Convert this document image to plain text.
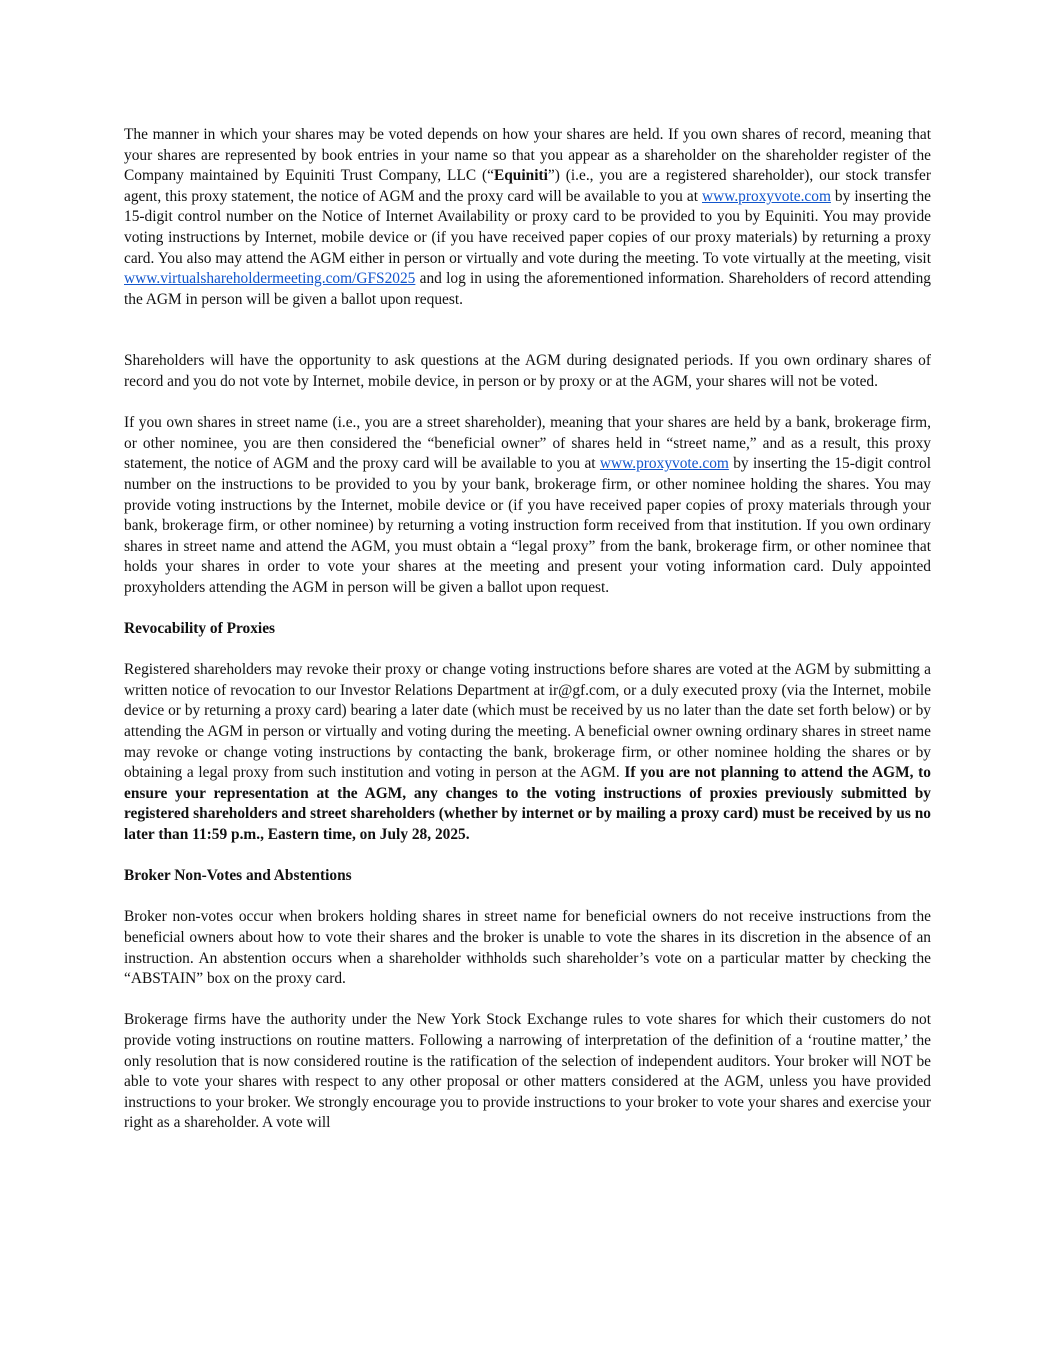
The manner in which your shares may be voted depends on how your shares are held. If you own shares of record, meaning that your shares are represented by book entries in your name so that you appear as a shareholder on the shareholder register of the Company maintained by Equiniti Trust Company, LLC (“Equiniti”) (i.e., you are a registered shareholder), our stock transfer agent, this proxy statement, the notice of AGM and the proxy card will be available to you at www.proxyvote.com by inserting the 15-digit control number on the Notice of Internet Availability or proxy card to be provided to you by Equiniti. You may provide voting instructions by Internet, mobile device or (if you have received paper copies of our proxy materials) by returning a proxy card. You also may attend the AGM either in person or virtually and vote during the meeting. To vote virtually at the meeting, visit www.virtualshareholdermeeting.com/GFS2025 and log in using the aforementioned information. Shareholders of record attending the AGM in person will be given a ballot upon request.

Shareholders will have the opportunity to ask questions at the AGM during designated periods. If you own ordinary shares of record and you do not vote by Internet, mobile device, in person or by proxy or at the AGM, your shares will not be voted.

If you own shares in street name (i.e., you are a street shareholder), meaning that your shares are held by a bank, brokerage firm, or other nominee, you are then considered the “beneficial owner” of shares held in “street name,” and as a result, this proxy statement, the notice of AGM and the proxy card will be available to you at www.proxyvote.com by inserting the 15-digit control number on the instructions to be provided to you by your bank, brokerage firm, or other nominee holding the shares. You may provide voting instructions by the Internet, mobile device or (if you have received paper copies of proxy materials through your bank, brokerage firm, or other nominee) by returning a voting instruction form received from that institution. If you own ordinary shares in street name and attend the AGM, you must obtain a “legal proxy” from the bank, brokerage firm, or other nominee that holds your shares in order to vote your shares at the meeting and present your voting information card. Duly appointed proxyholders attending the AGM in person will be given a ballot upon request.

Revocability of Proxies

Registered shareholders may revoke their proxy or change voting instructions before shares are voted at the AGM by submitting a written notice of revocation to our Investor Relations Department at ir@gf.com, or a duly executed proxy (via the Internet, mobile device or by returning a proxy card) bearing a later date (which must be received by us no later than the date set forth below) or by attending the AGM in person or virtually and voting during the meeting. A beneficial owner owning ordinary shares in street name may revoke or change voting instructions by contacting the bank, brokerage firm, or other nominee holding the shares or by obtaining a legal proxy from such institution and voting in person at the AGM. If you are not planning to attend the AGM, to ensure your representation at the AGM, any changes to the voting instructions of proxies previously submitted by registered shareholders and street shareholders (whether by internet or by mailing a proxy card) must be received by us no later than 11:59 p.m., Eastern time, on July 28, 2025.

Broker Non-Votes and Abstentions

Broker non-votes occur when brokers holding shares in street name for beneficial owners do not receive instructions from the beneficial owners about how to vote their shares and the broker is unable to vote the shares in its discretion in the absence of an instruction. An abstention occurs when a shareholder withholds such shareholder’s vote on a particular matter by checking the “ABSTAIN” box on the proxy card.

Brokerage firms have the authority under the New York Stock Exchange rules to vote shares for which their customers do not provide voting instructions on routine matters. Following a narrowing of interpretation of the definition of a ‘routine matter,’ the only resolution that is now considered routine is the ratification of the selection of independent auditors. Your broker will NOT be able to vote your shares with respect to any other proposal or other matters considered at the AGM, unless you have provided instructions to your broker. We strongly encourage you to provide instructions to your broker to vote your shares and exercise your right as a shareholder. A vote will
